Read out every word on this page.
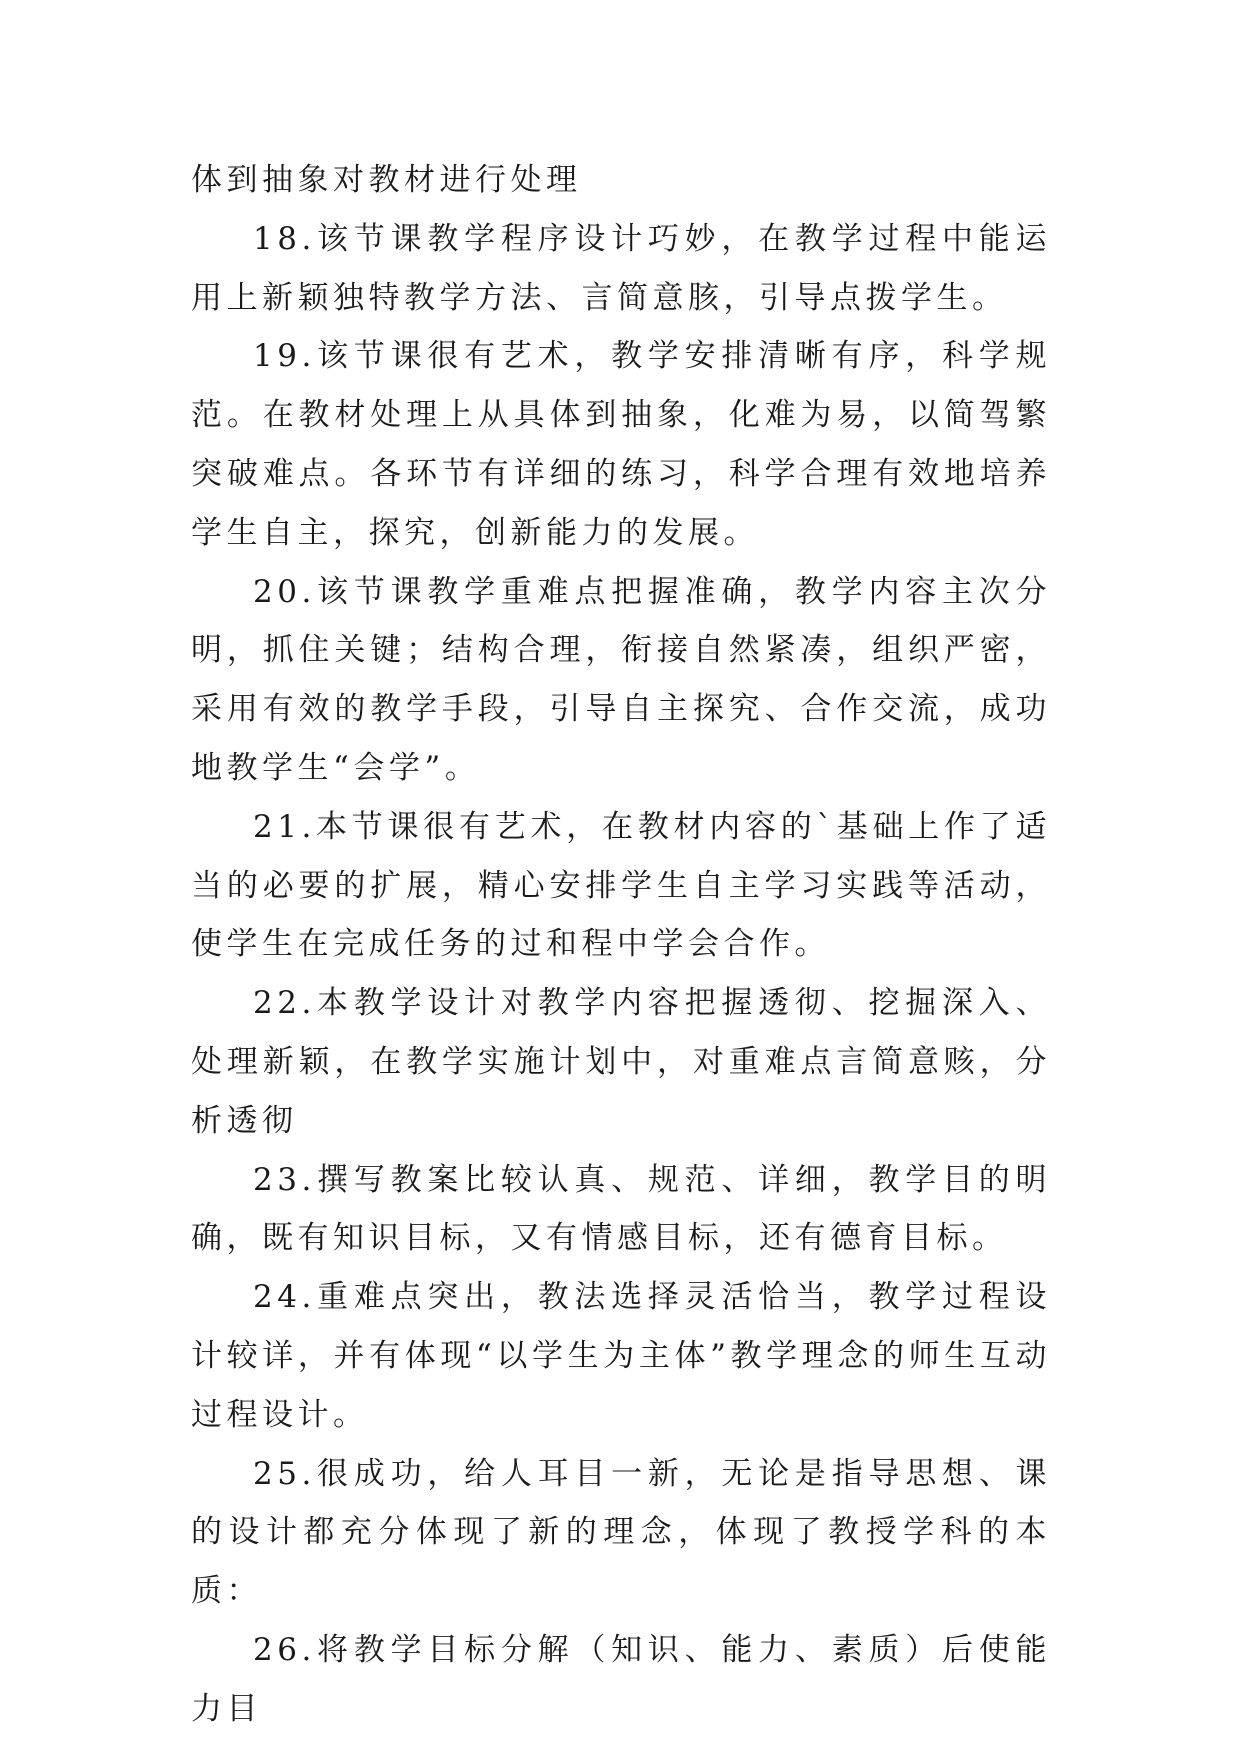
体到抽象对教材进行处理

18.该节课教学程序设计巧妙，在教学过程中能运用上新颖独特教学方法、言简意胲，引导点拨学生。

19.该节课很有艺术，教学安排清晰有序，科学规范。在教材处理上从具体到抽象，化难为易，以简驾繁突破难点。各环节有详细的练习，科学合理有效地培养学生自主，探究，创新能力的发展。

20.该节课教学重难点把握准确，教学内容主次分明，抓住关键；结构合理，衔接自然紧凑，组织严密，采用有效的教学手段，引导自主探究、合作交流，成功地教学生“会学”。

21.本节课很有艺术，在教材内容的`基础上作了适当的必要的扩展，精心安排学生自主学习实践等活动，使学生在完成任务的过和程中学会合作。

22.本教学设计对教学内容把握透彻、挖掘深入、处理新颖，在教学实施计划中，对重难点言简意赅，分析透彻

23.撰写教案比较认真、规范、详细，教学目的明确，既有知识目标，又有情感目标，还有德育目标。

24.重难点突出，教法选择灵活恰当，教学过程设计较详，并有体现“以学生为主体”教学理念的师生互动过程设计。

25.很成功，给人耳目一新，无论是指导思想、课的设计都充分体现了新的理念，体现了教授学科的本质：

26.将教学目标分解（知识、能力、素质）后使能力目
